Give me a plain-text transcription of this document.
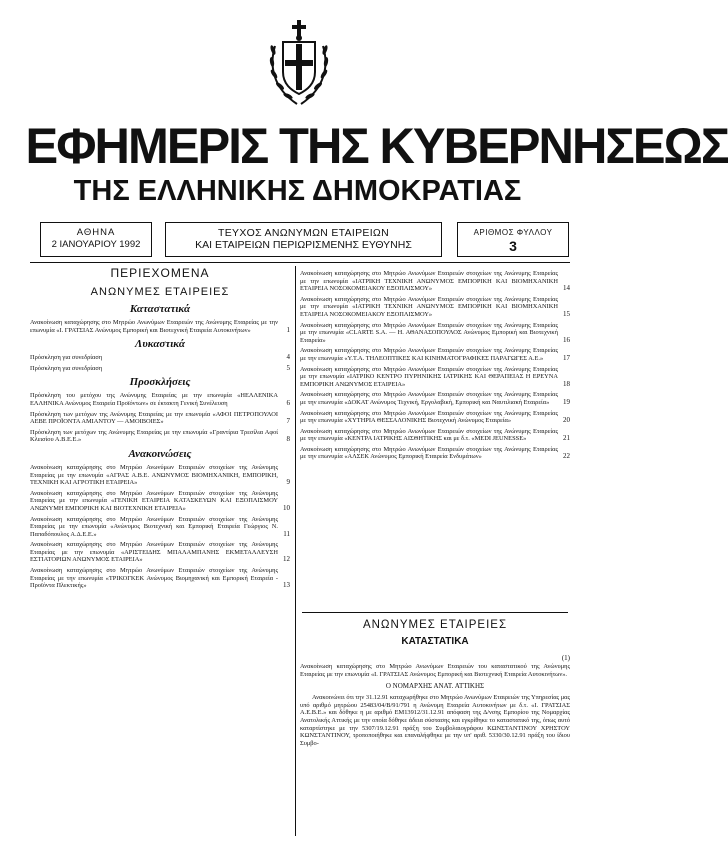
ΕΦΗΜΕΡΙΣ ΤΗΣ ΚΥΒΕΡΝΗΣΕΩΣ
ΤΗΣ ΕΛΛΗΝΙΚΗΣ ΔΗΜΟΚΡΑΤΙΑΣ
ΑΘΗΝΑ
2 ΙΑΝΟΥΑΡΙΟΥ 1992
ΤΕΥΧΟΣ ΑΝΩΝΥΜΩΝ ΕΤΑΙΡΕΙΩΝ
ΚΑΙ ΕΤΑΙΡΕΙΩΝ ΠΕΡΙΩΡΙΣΜΕΝΗΣ ΕΥΘΥΝΗΣ
ΑΡΙΘΜΟΣ ΦΥΛΛΟΥ
3
ΠΕΡΙΕΧΟΜΕΝΑ
ΑΝΩΝΥΜΕΣ ΕΤΑΙΡΕΙΕΣ
Καταστατικά
Ανακοίνωση καταχώρησης στο Μητρώο Ανωνύμων Εταιρειών της Ανώνυμης Εταιρείας με την επωνυμία «Ι. ΓΡΑΤΣΙΑΣ Ανώνυμος Εμπορική και Βιοτεχνική Εταιρεία Αυτοκινήτων»	1
Λυκαστικά
Πρόσκληση για συνεδρίαση	4
Πρόσκληση για συνεδρίαση	5
Προσκλήσεις
Πρόσκληση του μετόχου της Ανώνυμης Εταιρείας με την επωνυμία «ΗΕΛΛΕΝΙΚΑ ΕΛΛΗΝΙΚΑ Ανώνυμος Εταιρεία Προϊόντων» σε έκτακτη Γενική Συνέλευση	6
Πρόσκληση των μετόχων της Ανώνυμης Εταιρείας με την επωνυμία «ΑΦΟΙ ΠΕΤΡΟΠΟΥΛΟΙ ΑΕΒΕ ΠΡΟΪΟΝΤΑ ΑΜΙΑΝΤΟΥ — ΑΜΟΙΒΟΙΕΣ»	7
Πρόσκληση των μετόχων της Ανώνυμης Εταιρείας με την επωνυμία «Γραντίρια Τρεσίλια Αφοί Κλεισίου Α.Β.Ε.Ε.»	8
Ανακοινώσεις
Ανακοίνωση καταχώρησης στο Μητρώο Ανωνύμων Εταιρειών στοιχείων της Ανώνυμης Εταιρείας με την επωνυμία «ΑΓΡΑΣ Α.Β.Ε. ΑΝΩΝΥΜΟΣ ΒΙΟΜΗΧΑΝΙΚΗ, ΕΜΠΟΡΙΚΗ, ΤΕΧΝΙΚΗ ΚΑΙ ΑΓΡΟΤΙΚΗ ΕΤΑΙΡΕΙΑ»	9
Ανακοίνωση καταχώρησης στο Μητρώο Ανωνύμων Εταιρειών στοιχείων της Ανώνυμης Εταιρείας με την επωνυμία «ΓΕΝΙΚΗ ΕΤΑΙΡΕΙΑ ΚΑΤΑΣΚΕΥΩΝ ΚΑΙ ΕΞΟΠΛΙΣΜΟΥ ΑΝΩΝΥΜΗ ΕΜΠΟΡΙΚΗ ΚΑΙ ΒΙΟΤΕΧΝΙΚΗ ΕΤΑΙΡΕΙΑ»	10
Ανακοίνωση καταχώρησης στο Μητρώο Ανωνύμων Εταιρειών στοιχείων της Ανώνυμης Εταιρείας με την επωνυμία «Ανώνυμος Βιοτεχνική και Εμπορική Εταιρεία Γεώργιος Ν. Παπαδόπουλος Α.Δ.Ε.Ε.»	11
Ανακοίνωση καταχώρησης στο Μητρώο Ανωνύμων Εταιρειών στοιχείων της Ανώνυμης Εταιρείας με την επωνυμία «ΑΡΙΣΤΕΙΔΗΣ ΜΠΑΛΑΜΠΑΝΗΣ ΕΚΜΕΤΑΛΛΕΥΣΗ ΕΣΤΙΑΤΟΡΙΩΝ ΑΝΩΝΥΜΟΣ ΕΤΑΙΡΕΙΑ»	12
Ανακοίνωση καταχώρησης στο Μητρώο Ανωνύμων Εταιρειών στοιχείων της Ανώνυμης Εταιρείας με την επωνυμία «ΤΡΙΚΟΓΚΕΚ Ανώνυμος Βιομηχανική και Εμπορική Εταιρεία - Προϊόντα Πλεκτικής»	13
Ανακοίνωση καταχώρησης στο Μητρώο Ανωνύμων Εταιρειών στοιχείων της Ανώνυμης Εταιρείας με την επωνυμία «ΙΑΤΡΙΚΗ ΤΕΧΝΙΚΗ ΑΝΩΝΥΜΟΣ ΕΜΠΟΡΙΚΗ ΚΑΙ ΒΙΟΜΗΧΑΝΙΚΗ ΕΤΑΙΡΕΙΑ ΝΟΣΟΚΟΜΕΙΑΚΟΥ ΕΞΟΠΛΙΣΜΟΥ»	14
Ανακοίνωση καταχώρησης στο Μητρώο Ανωνύμων Εταιρειών στοιχείων της Ανώνυμης Εταιρείας με την επωνυμία «ΙΑΤΡΙΚΗ ΤΕΧΝΙΚΗ ΑΝΩΝΥΜΟΣ ΕΜΠΟΡΙΚΗ ΚΑΙ ΒΙΟΜΗΧΑΝΙΚΗ ΕΤΑΙΡΕΙΑ ΝΟΣΟΚΟΜΕΙΑΚΟΥ ΕΞΟΠΛΙΣΜΟΥ»	15
Ανακοίνωση καταχώρησης στο Μητρώο Ανωνύμων Εταιρειών στοιχείων της Ανώνυμης Εταιρείας με την επωνυμία «CLARTE S.A. — Η. ΑΘΑΝΑΣΟΠΟΥΛΟΣ Ανώνυμος Εμπορική και Βιοτεχνική Εταιρεία»	16
Ανακοίνωση καταχώρησης στο Μητρώο Ανωνύμων Εταιρειών στοιχείων της Ανώνυμης Εταιρείας με την επωνυμία «Υ.Τ.Α. ΤΗΛΕΟΠΤΙΚΕΣ ΚΑΙ ΚΙΝΗΜΑΤΟΓΡΑΦΙΚΕΣ ΠΑΡΑΓΩΓΕΣ Α.Ε.»	17
Ανακοίνωση καταχώρησης στο Μητρώο Ανωνύμων Εταιρειών στοιχείων της Ανώνυμης Εταιρείας με την επωνυμία «ΙΑΤΡΙΚΟ ΚΕΝΤΡΟ ΠΥΡΗΝΙΚΗΣ ΙΑΤΡΙΚΗΣ ΚΑΙ ΘΕΡΑΠΕΙΑΣ Η ΕΡΕΥΝΑ ΕΜΠΟΡΙΚΗ ΑΝΩΝΥΜΟΣ ΕΤΑΙΡΕΙΑ»	18
Ανακοίνωση καταχώρησης στο Μητρώο Ανωνύμων Εταιρειών στοιχείων της Ανώνυμης Εταιρείας με την επωνυμία «ΔΟΚΑΤ Ανώνυμος Τεχνική, Εργολαβική, Εμπορική και Ναυτιλιακή Εταιρεία»	19
Ανακοίνωση καταχώρησης στο Μητρώο Ανωνύμων Εταιρειών στοιχείων της Ανώνυμης Εταιρείας με την επωνυμία «ΧΥΤΗΡΙΑ ΘΕΣΣΑΛΟΝΙΚΗΣ Βιοτεχνική Ανώνυμος Εταιρεία»	20
Ανακοίνωση καταχώρησης στο Μητρώο Ανωνύμων Εταιρειών στοιχείων της Ανώνυμης Εταιρείας με την επωνυμία «ΚΕΝΤΡΑ ΙΑΤΡΙΚΗΣ ΑΙΣΘΗΤΙΚΗΣ και με δ.τ. «MEDI JEUNESSE»	21
Ανακοίνωση καταχώρησης στο Μητρώο Ανωνύμων Εταιρειών στοιχείων της Ανώνυμης Εταιρείας με την επωνυμία «ΑΛΣΕΚ Ανώνυμος Εμπορική Εταιρεία Ενδυμάτων»	22
ΑΝΩΝΥΜΕΣ ΕΤΑΙΡΕΙΕΣ
ΚΑΤΑΣΤΑΤΙΚΑ
(1)
Ανακοίνωση καταχώρησης στο Μητρώο Ανωνύμων Εταιρειών του καταστατικού της Ανώνυμης Εταιρείας με την επωνυμία «Ι. ΓΡΑΤΣΙΑΣ Ανώνυμος Εμπορική και Βιοτεχνική Εταιρεία Αυτοκινήτων».
Ο ΝΟΜΑΡΧΗΣ ΑΝΑΤ. ΑΤΤΙΚΗΣ
Ανακοινώνει ότι την 31.12.91 καταχωρήθηκε στο Μητρώο Ανωνύμων Εταιρειών της Υπηρεσίας μας υπό αριθμό μητρώου 25483/04/Β/91/791 η Ανώνυμη Εταιρεία Αυτοκινήτων με δ.τ. «Ι. ΓΡΑΤΣΙΑΣ Α.Ε.Β.Ε.» και δόθηκε η με αριθμό ΕΜ13912/31.12.91 απόφαση της Δ/νσης Εμπορίου της Νομαρχίας Ανατολικής Αττικής με την οποία δόθηκε άδεια σύστασης και εγκρίθηκε το καταστατικό της, όπως αυτό καταρτίστηκε με την 5307/19.12.91 πράξη του Συμβολαιογράφου ΚΩΝΣΤΑΝΤΙΝΟΥ ΧΡΗΣΤΟΥ ΚΩΝΣΤΑΝΤΙΝΟΥ, τροποποιήθηκε και επαναλήφθηκε με την υπ' αριθ. 5330/30.12.91 πράξη του ίδιου Συμβο-
